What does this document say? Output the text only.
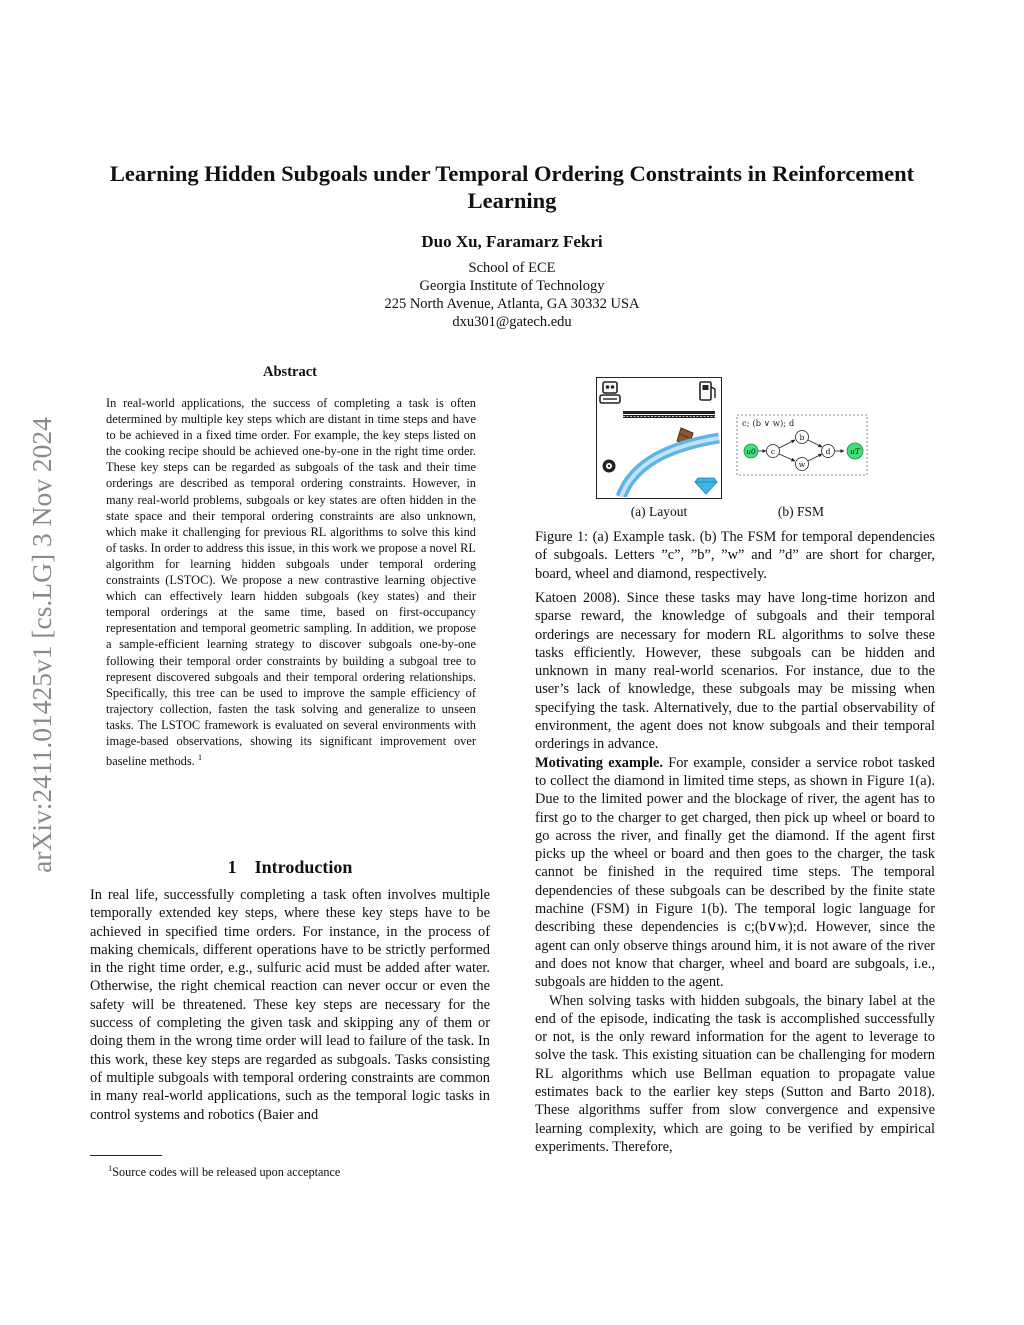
arXiv:2411.01425v1 [cs.LG] 3 Nov 2024
Learning Hidden Subgoals under Temporal Ordering Constraints in Reinforcement Learning
Duo Xu, Faramarz Fekri
School of ECE
Georgia Institute of Technology
225 North Avenue, Atlanta, GA 30332 USA
dxu301@gatech.edu
Abstract
In real-world applications, the success of completing a task is often determined by multiple key steps which are distant in time steps and have to be achieved in a fixed time order. For example, the key steps listed on the cooking recipe should be achieved one-by-one in the right time order. These key steps can be regarded as subgoals of the task and their time orderings are described as temporal ordering constraints. However, in many real-world problems, subgoals or key states are often hidden in the state space and their temporal ordering constraints are also unknown, which make it challenging for previous RL algorithms to solve this kind of tasks. In order to address this issue, in this work we propose a novel RL algorithm for learning hidden subgoals under temporal ordering constraints (LSTOC). We propose a new contrastive learning objective which can effectively learn hidden subgoals (key states) and their temporal orderings at the same time, based on first-occupancy representation and temporal geometric sampling. In addition, we propose a sample-efficient learning strategy to discover subgoals one-by-one following their temporal order constraints by building a subgoal tree to represent discovered subgoals and their temporal ordering relationships. Specifically, this tree can be used to improve the sample efficiency of trajectory collection, fasten the task solving and generalize to unseen tasks. The LSTOC framework is evaluated on several environments with image-based observations, showing its significant improvement over baseline methods. $^1$
1 Introduction
In real life, successfully completing a task often involves multiple temporally extended key steps, where these key steps have to be achieved in specified time orders. For instance, in the process of making chemicals, different operations have to be strictly performed in the right time order, e.g., sulfuric acid must be added after water. Otherwise, the right chemical reaction can never occur or even the safety will be threatened. These key steps are necessary for the success of completing the given task and skipping any of them or doing them in the wrong time order will lead to failure of the task. In this work, these key steps are regarded as subgoals. Tasks consisting of multiple subgoals with temporal ordering constraints are common in many real-world applications, such as the temporal logic tasks in control systems and robotics (Baier and
$^1$Source codes will be released upon acceptance
c; (b ∨ w); d
u0 c
b
w
d	uT
(a) Layout	(b) FSM
Figure 1: (a) Example task. (b) The FSM for temporal dependencies of subgoals. Letters ”c”, ”b”, ”w” and ”d” are short for charger, board, wheel and diamond, respectively.

Katoen 2008). Since these tasks may have long-time horizon and sparse reward, the knowledge of subgoals and their temporal orderings are necessary for modern RL algorithms to solve these tasks efficiently. However, these subgoals can be hidden and unknown in many real-world scenarios. For instance, due to the user’s lack of knowledge, these subgoals may be missing when specifying the task. Alternatively, due to the partial observability of environment, the agent does not know subgoals and their temporal orderings in advance.

Motivating example. For example, consider a service robot tasked to collect the diamond in limited time steps, as shown in Figure 1(a). Due to the limited power and the blockage of river, the agent has to first go to the charger to get charged, then pick up wheel or board to go across the river, and finally get the diamond. If the agent first picks up the wheel or board and then goes to the charger, the task cannot be finished in the required time steps. The temporal dependencies of these subgoals can be described by the finite state machine (FSM) in Figure 1(b). The temporal logic language for describing these dependencies is c;(b∨w);d. However, since the agent can only observe things around him, it is not aware of the river and does not know that charger, wheel and board are subgoals, i.e., subgoals are hidden to the agent.

When solving tasks with hidden subgoals, the binary label at the end of the episode, indicating the task is accomplished successfully or not, is the only reward information for the agent to leverage to solve the task. This existing situation can be challenging for modern RL algorithms which use Bellman equation to propagate value estimates back to the earlier key steps (Sutton and Barto 2018). These algorithms suffer from slow convergence and expensive learning complexity, which are going to be verified by empirical experiments. Therefore,
